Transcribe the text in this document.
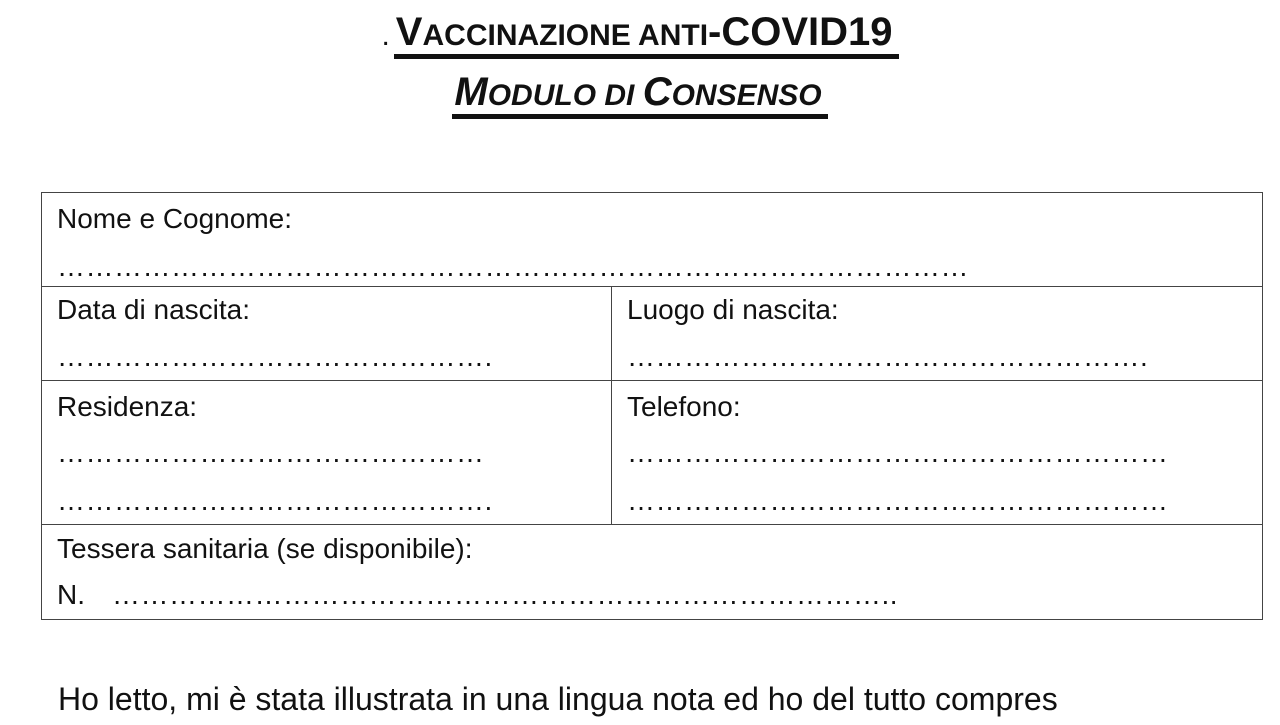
. VACCINAZIONE ANTI-COVID19
MODULO DI CONSENSO
Nome e Cognome:
……………………………………………………………………………………
Data di nascita:
……………………………………….
Luogo di nascita:
……………………………………………….
Residenza:
………………………………………
……………………………………….
Telefono:
…………………………………………………
…………………………………………………
Tessera sanitaria (se disponibile):
N. ………………………………………………………………………..
Ho letto, mi è stata illustrata in una lingua nota ed ho del tutto compres
